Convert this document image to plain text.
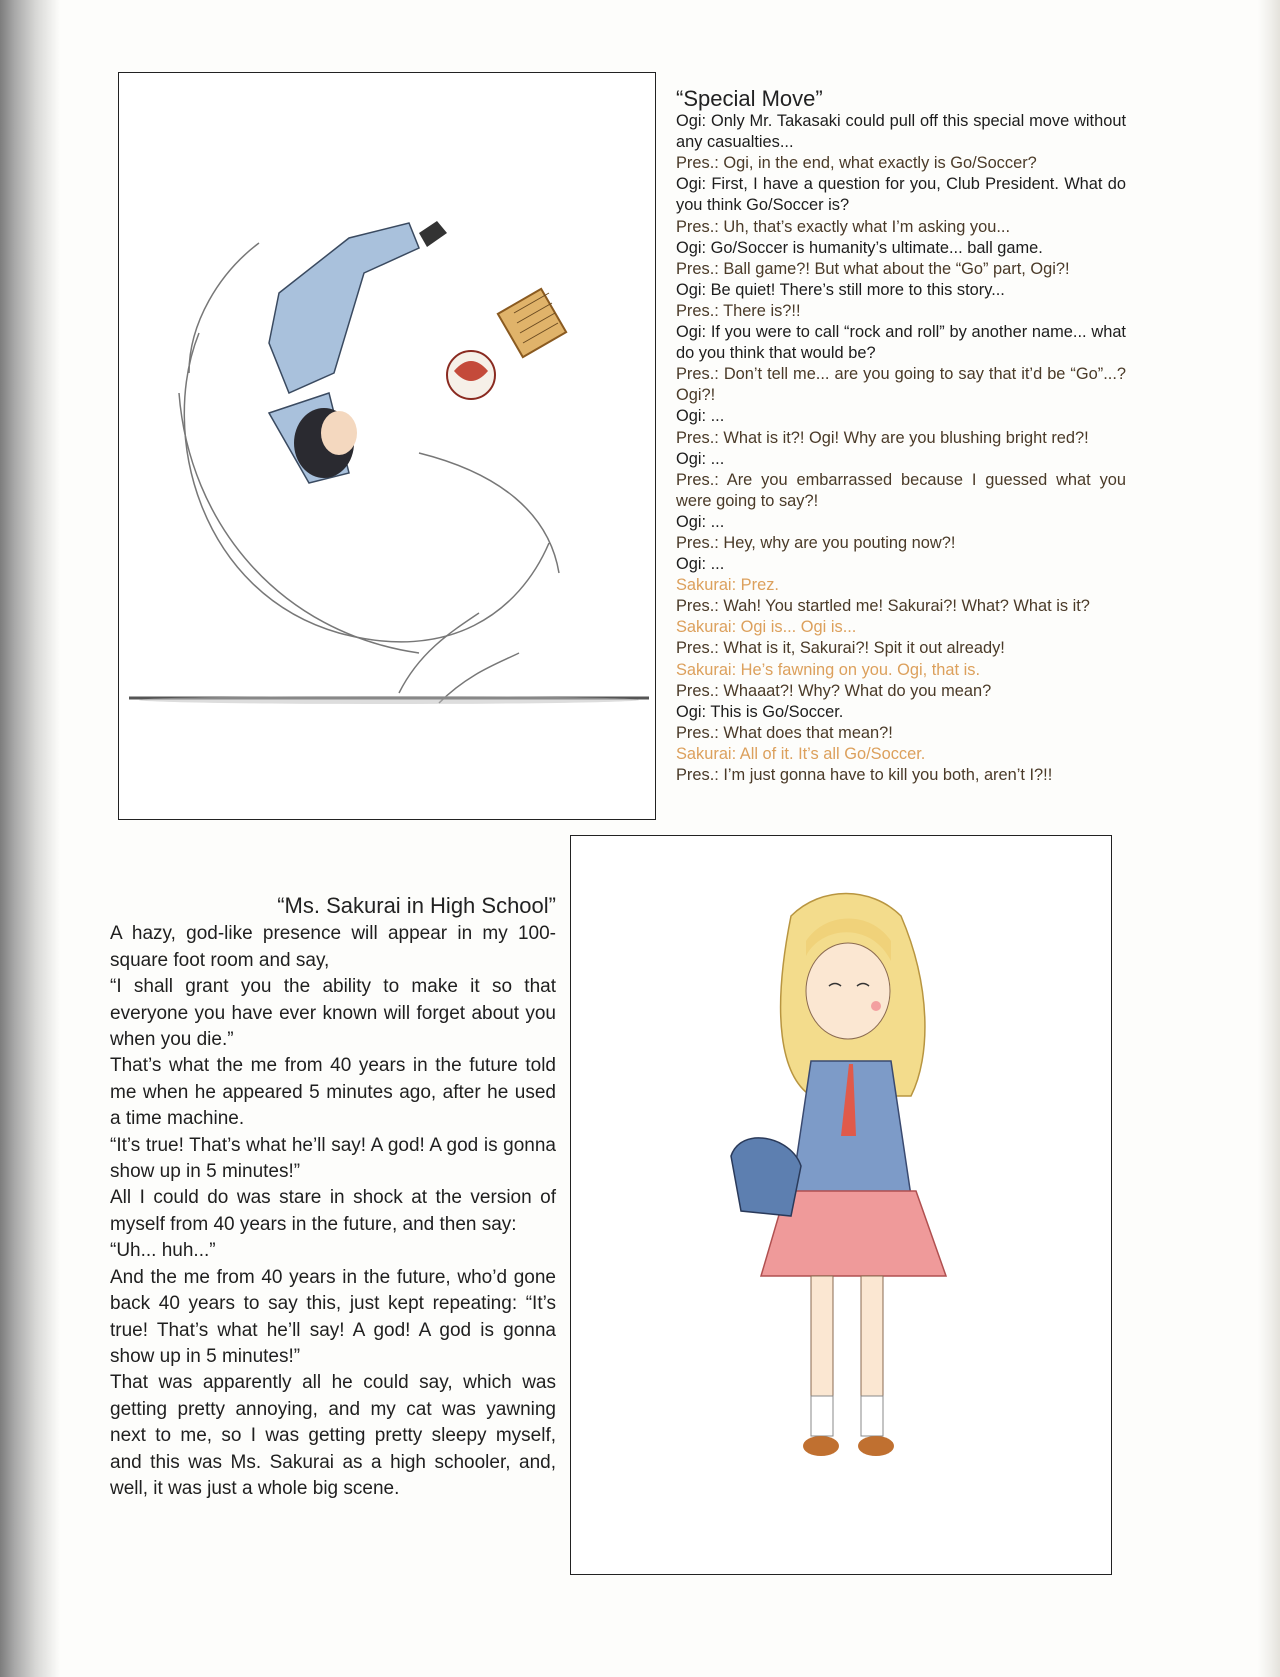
“Special Move”
Ogi: Only Mr. Takasaki could pull off this special move without any casualties...
Pres.: Ogi, in the end, what exactly is Go/Soccer?
Ogi: First, I have a question for you, Club President. What do you think Go/Soccer is?
Pres.: Uh, that’s exactly what I’m asking you...
Ogi: Go/Soccer is humanity’s ultimate... ball game.
Pres.: Ball game?! But what about the “Go” part, Ogi?!
Ogi: Be quiet! There’s still more to this story...
Pres.: There is?!!
Ogi: If you were to call “rock and roll” by another name... what do you think that would be?
Pres.: Don’t tell me... are you going to say that it’d be “Go”...? Ogi?!
Ogi: ...
Pres.: What is it?! Ogi! Why are you blushing bright red?!
Ogi: ...
Pres.: Are you embarrassed because I guessed what you were going to say?!
Ogi: ...
Pres.: Hey, why are you pouting now?!
Ogi: ...
Sakurai: Prez.
Pres.: Wah! You startled me! Sakurai?! What? What is it?
Sakurai: Ogi is... Ogi is...
Pres.: What is it, Sakurai?! Spit it out already!
Sakurai: He’s fawning on you. Ogi, that is.
Pres.: Whaaat?! Why? What do you mean?
Ogi: This is Go/Soccer.
Pres.: What does that mean?!
Sakurai: All of it. It’s all Go/Soccer.
Pres.: I’m just gonna have to kill you both, aren’t I?!!
“Ms. Sakurai in High School”

A hazy, god-like presence will appear in my 100-square foot room and say,

“I shall grant you the ability to make it so that everyone you have ever known will forget about you when you die.”

That’s what the me from 40 years in the future told me when he appeared 5 minutes ago, after he used a time machine.

“It’s true! That’s what he’ll say! A god! A god is gonna show up in 5 minutes!”

All I could do was stare in shock at the version of myself from 40 years in the future, and then say:

“Uh... huh...”

And the me from 40 years in the future, who’d gone back 40 years to say this, just kept repeating: “It’s true! That’s what he’ll say! A god! A god is gonna show up in 5 minutes!”

That was apparently all he could say, which was getting pretty annoying, and my cat was yawning next to me, so I was getting pretty sleepy myself, and this was Ms. Sakurai as a high schooler, and, well, it was just a whole big scene.
